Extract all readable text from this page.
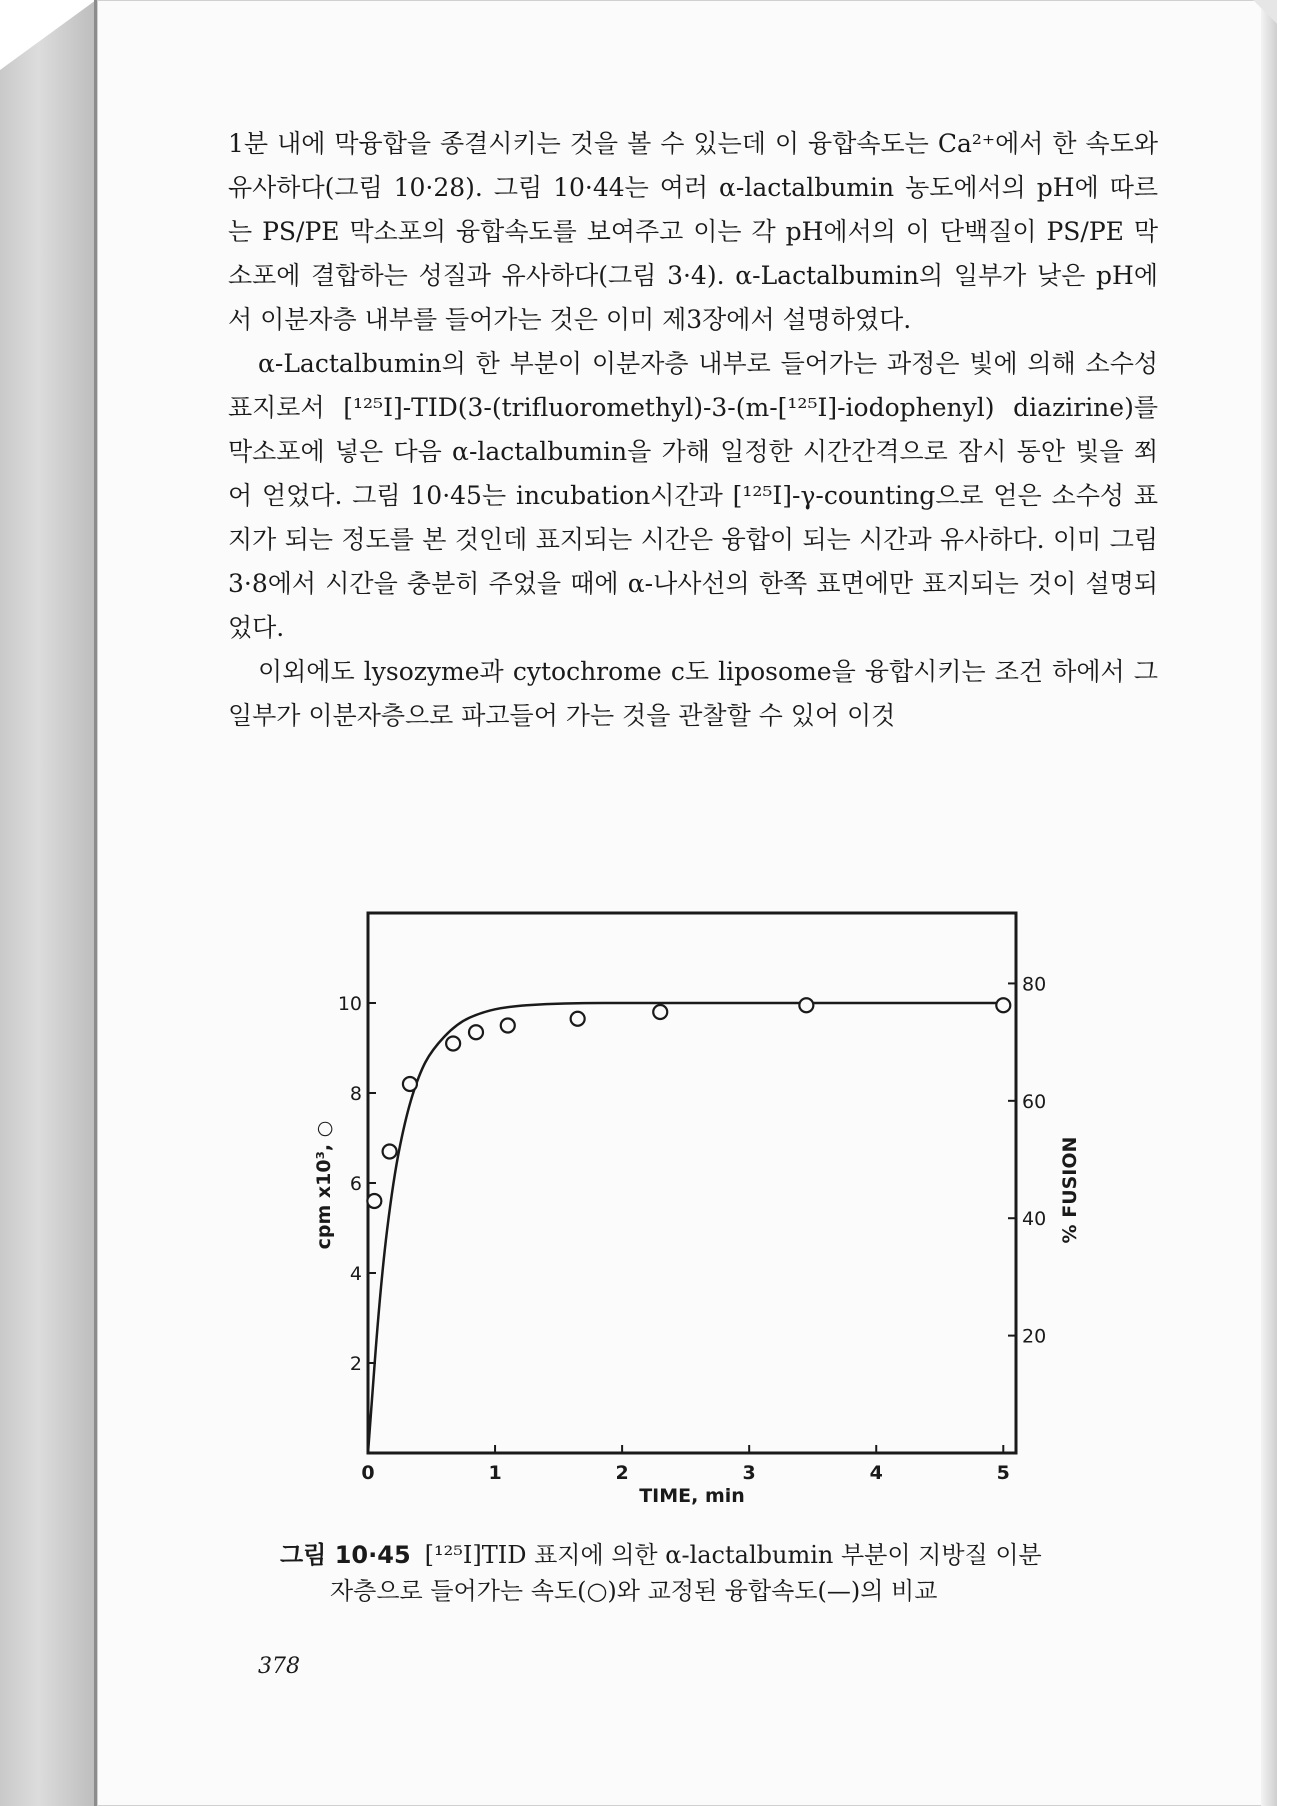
1분 내에 막융합을 종결시키는 것을 볼 수 있는데 이 융합속도는 Ca²⁺에서 한 속도와 유사하다(그림 10·28). 그림 10·44는 여러 α-lactalbumin 농도에서의 pH에 따르는 PS/PE 막소포의 융합속도를 보여주고 이는 각 pH에서의 이 단백질이 PS/PE 막소포에 결합하는 성질과 유사하다(그림 3·4). α-Lactalbumin의 일부가 낮은 pH에서 이분자층 내부를 들어가는 것은 이미 제3장에서 설명하였다.

α-Lactalbumin의 한 부분이 이분자층 내부로 들어가는 과정은 빛에 의해 소수성 표지로서 [¹²⁵I]-TID(3-(trifluoromethyl)-3-(m-[¹²⁵I]-iodophenyl) diazirine)를 막소포에 넣은 다음 α-lactalbumin을 가해 일정한 시간간격으로 잠시 동안 빛을 쬐어 얻었다. 그림 10·45는 incubation시간과 [¹²⁵I]-γ-counting으로 얻은 소수성 표지가 되는 정도를 본 것인데 표지되는 시간은 융합이 되는 시간과 유사하다. 이미 그림 3·8에서 시간을 충분히 주었을 때에 α-나사선의 한쪽 표면에만 표지되는 것이 설명되었다.

이외에도 lysozyme과 cytochrome c도 liposome을 융합시키는 조건 하에서 그 일부가 이분자층으로 파고들어 가는 것을 관찰할 수 있어 이것

0	1	2	3	4	5
2
4
6
8
10
20
40
60
80
TIME, min
cpm x10³, ○	% FUSION
그림 10·45 [¹²⁵I]TID 표지에 의한 α-lactalbumin 부분이 지방질 이분
자층으로 들어가는 속도(○)와 교정된 융합속도(—)의 비교
378
